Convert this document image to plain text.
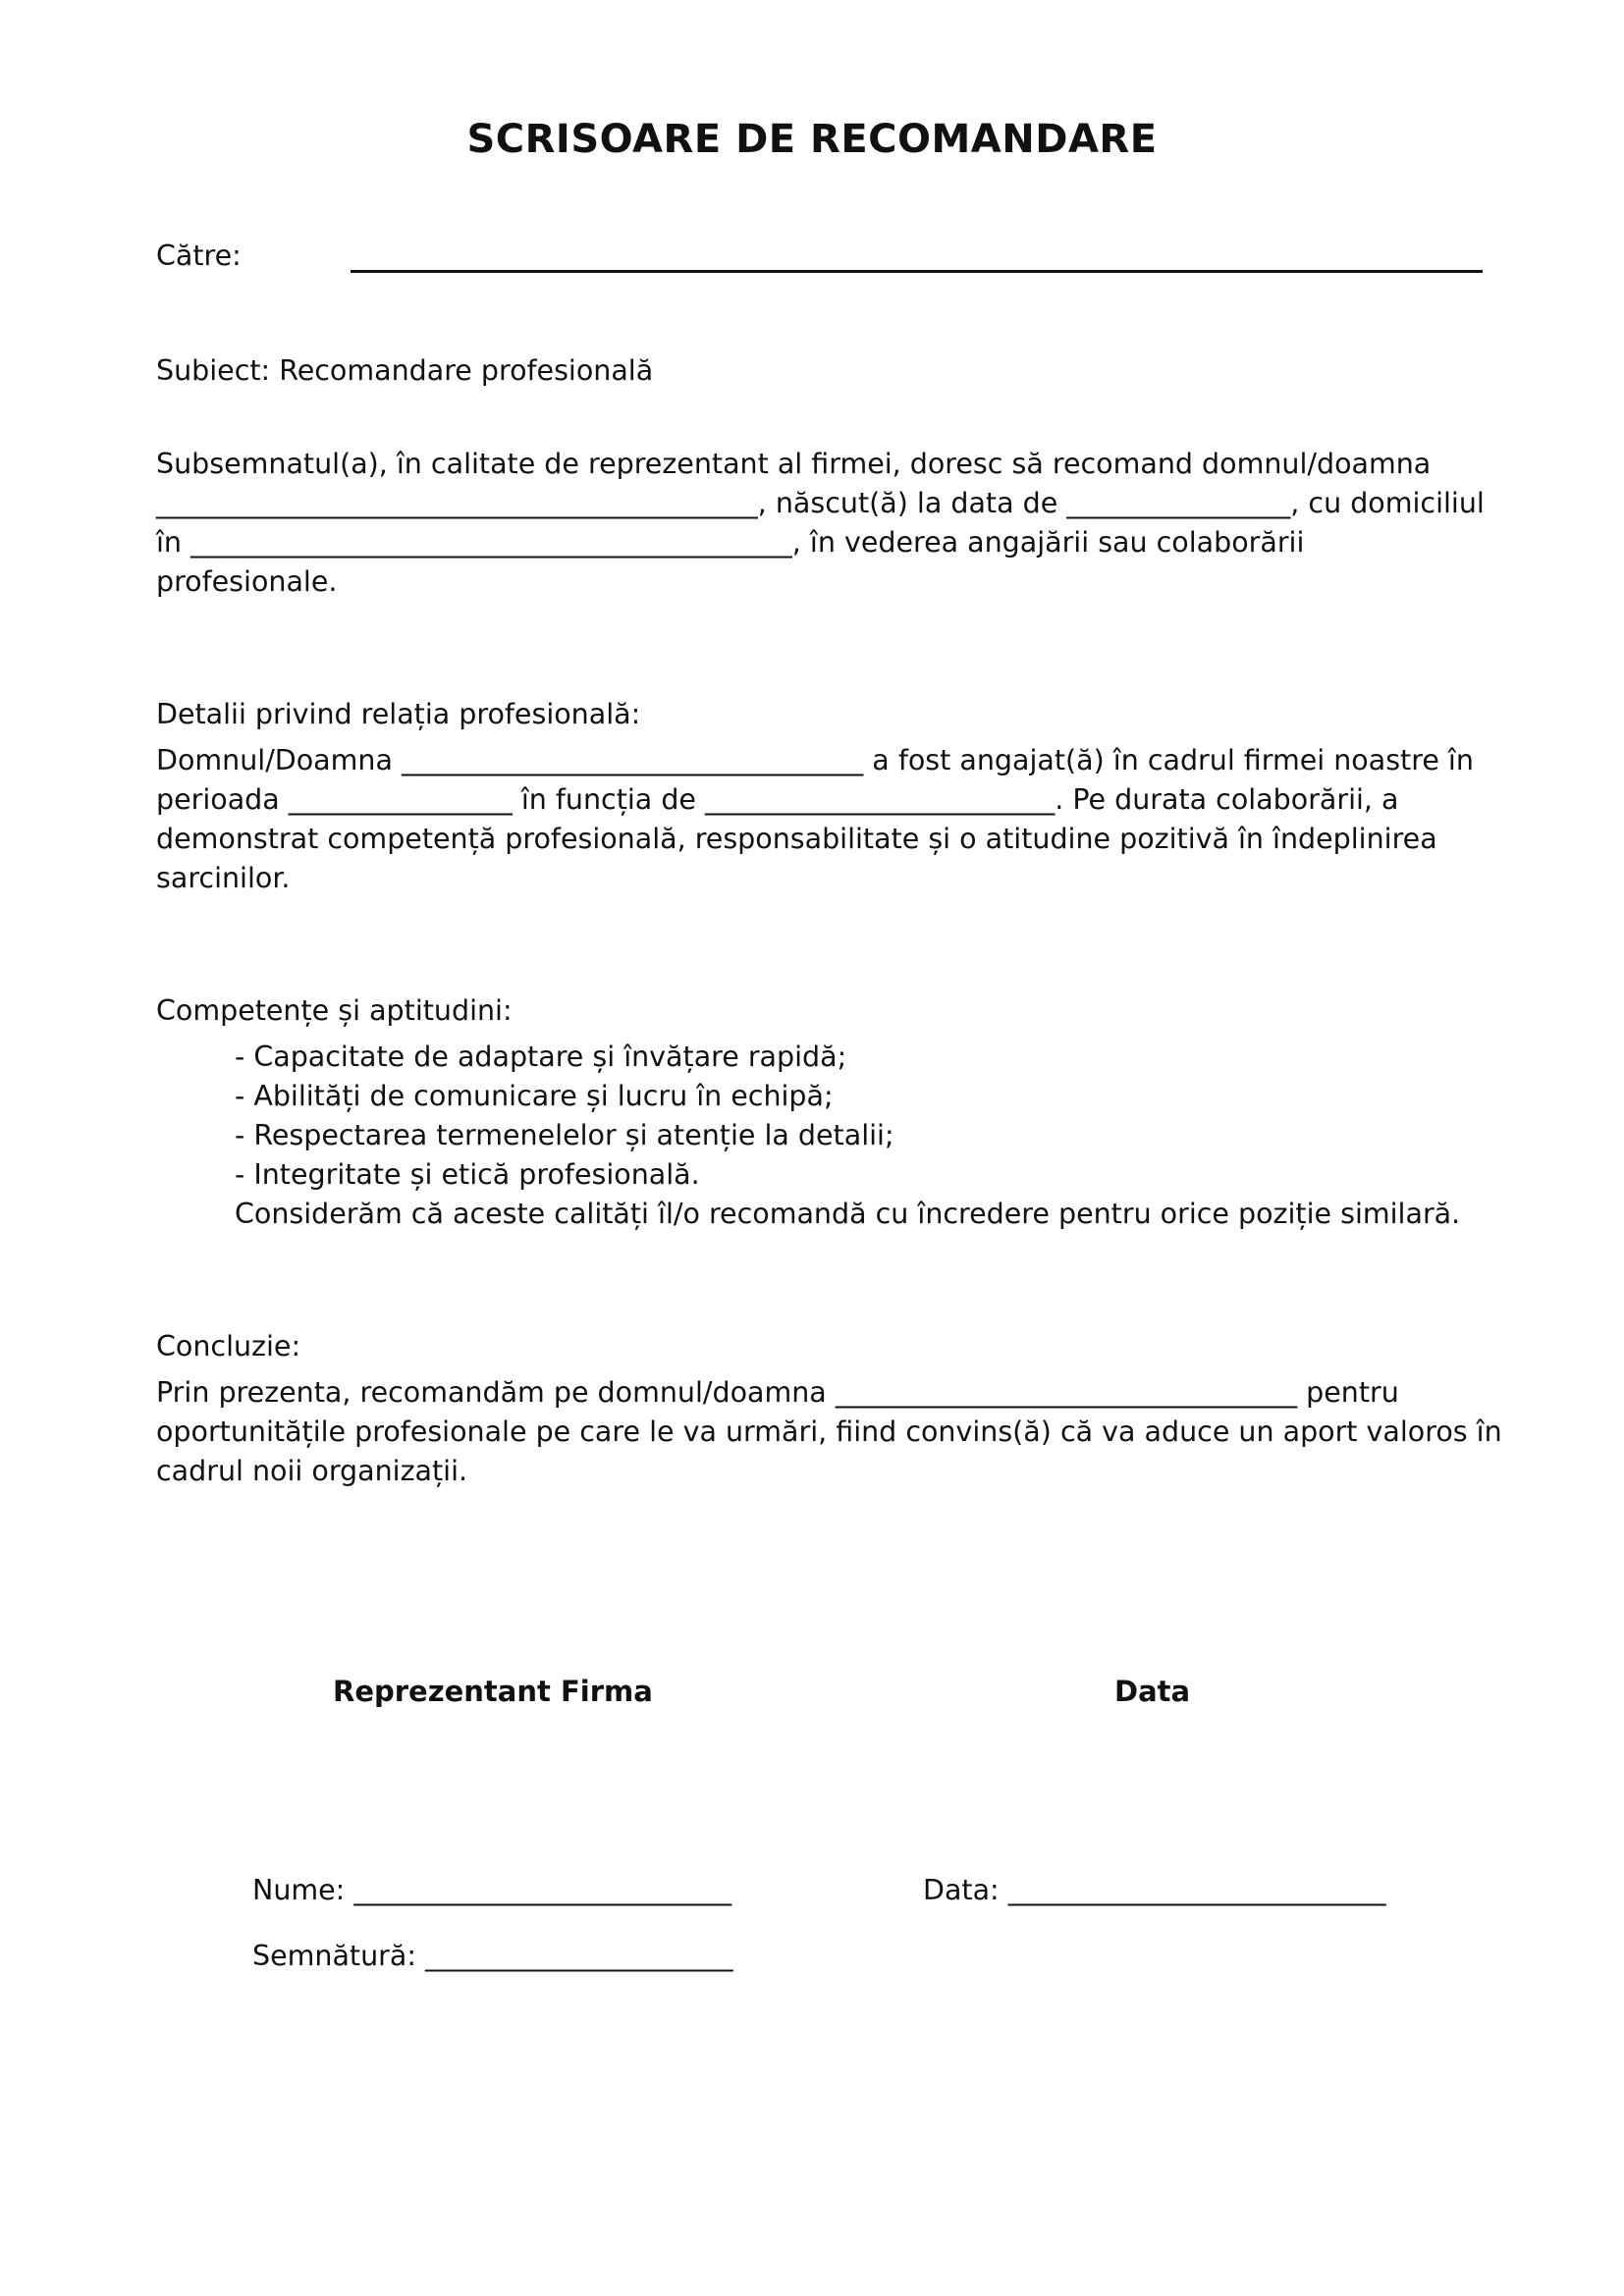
SCRISOARE DE RECOMANDARE
Către:
Subiect: Recomandare profesională
Subsemnatul(a), în calitate de reprezentant al firmei, doresc să recomand domnul/doamna
___________________________________________, născut(ă) la data de ________________, cu domiciliul
în ___________________________________________, în vederea angajării sau colaborării
profesionale.
Detalii privind relația profesională:
Domnul/Doamna _________________________________ a fost angajat(ă) în cadrul firmei noastre în
perioada ________________ în funcția de _________________________. Pe durata colaborării, a
demonstrat competență profesională, responsabilitate și o atitudine pozitivă în îndeplinirea
sarcinilor.
Competențe și aptitudini:
- Capacitate de adaptare și învățare rapidă;
- Abilități de comunicare și lucru în echipă;
- Respectarea termenelelor și atenție la detalii;
- Integritate și etică profesională.
Considerăm că aceste calități îl/o recomandă cu încredere pentru orice poziție similară.
Concluzie:
Prin prezenta, recomandăm pe domnul/doamna _________________________________ pentru
oportunitățile profesionale pe care le va urmări, fiind convins(ă) că va aduce un aport valoros în
cadrul noii organizații.
Reprezentant Firma	Data
Nume: ___________________________	Data: ___________________________
Semnătură: ______________________
